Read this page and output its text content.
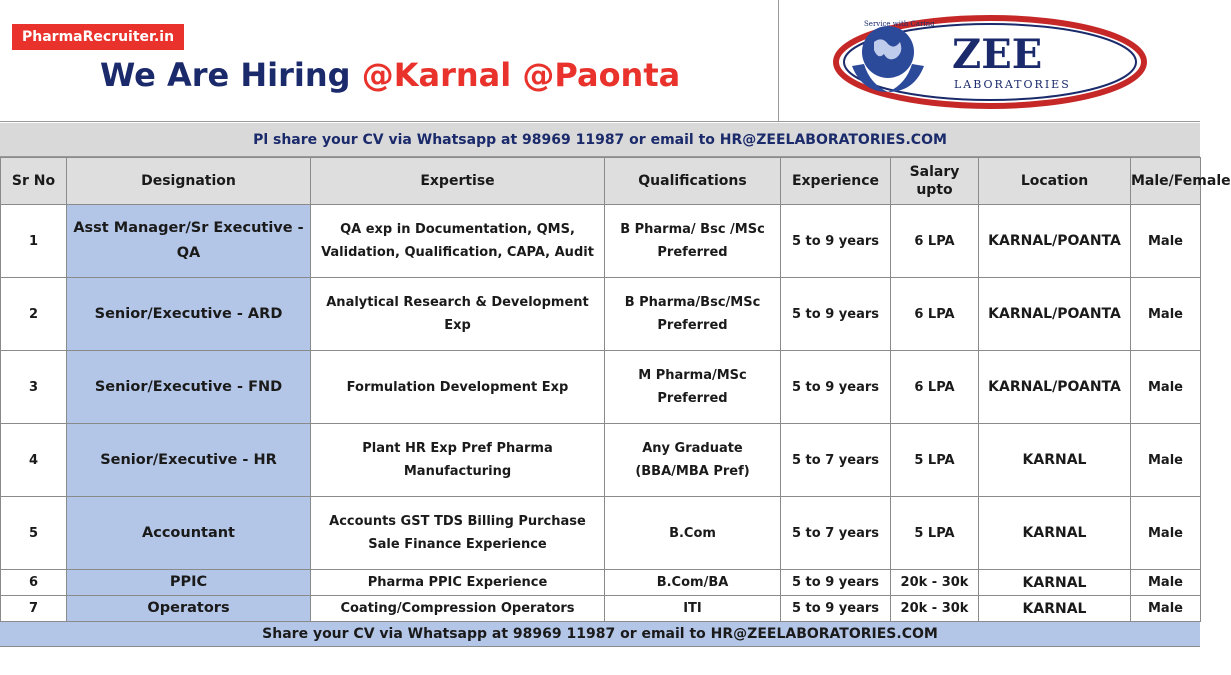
PharmaRecruiter.in
We Are Hiring @Karnal @Paonta	ZEE
LABORATORIES
Service with Caring
Pl share your CV via Whatsapp at 98969 11987 or email to HR@ZEELABORATORIES.COM
Sr No	Designation	Expertise	Qualifications	Experience	Salary upto	Location	Male/Female
1	Asst Manager/Sr Executive - QA	QA exp in Documentation, QMS, Validation, Qualification, CAPA, Audit	B Pharma/ Bsc /MSc Preferred	5 to 9 years	6 LPA	KARNAL/POANTA	Male
2	Senior/Executive - ARD	Analytical Research & Development Exp	B Pharma/Bsc/MSc Preferred	5 to 9 years	6 LPA	KARNAL/POANTA	Male
3	Senior/Executive - FND	Formulation Development Exp	M Pharma/MSc Preferred	5 to 9 years	6 LPA	KARNAL/POANTA	Male
4	Senior/Executive - HR	Plant HR Exp Pref Pharma Manufacturing	Any Graduate (BBA/MBA Pref)	5 to 7 years	5 LPA	KARNAL	Male
5	Accountant	Accounts GST TDS Billing Purchase Sale Finance Experience	B.Com	5 to 7 years	5 LPA	KARNAL	Male
6	PPIC	Pharma PPIC Experience	B.Com/BA	5 to 9 years	20k - 30k	KARNAL	Male
7	Operators	Coating/Compression Operators	ITI	5 to 9 years	20k - 30k	KARNAL	Male
Share your CV via Whatsapp at 98969 11987 or email to HR@ZEELABORATORIES.COM
